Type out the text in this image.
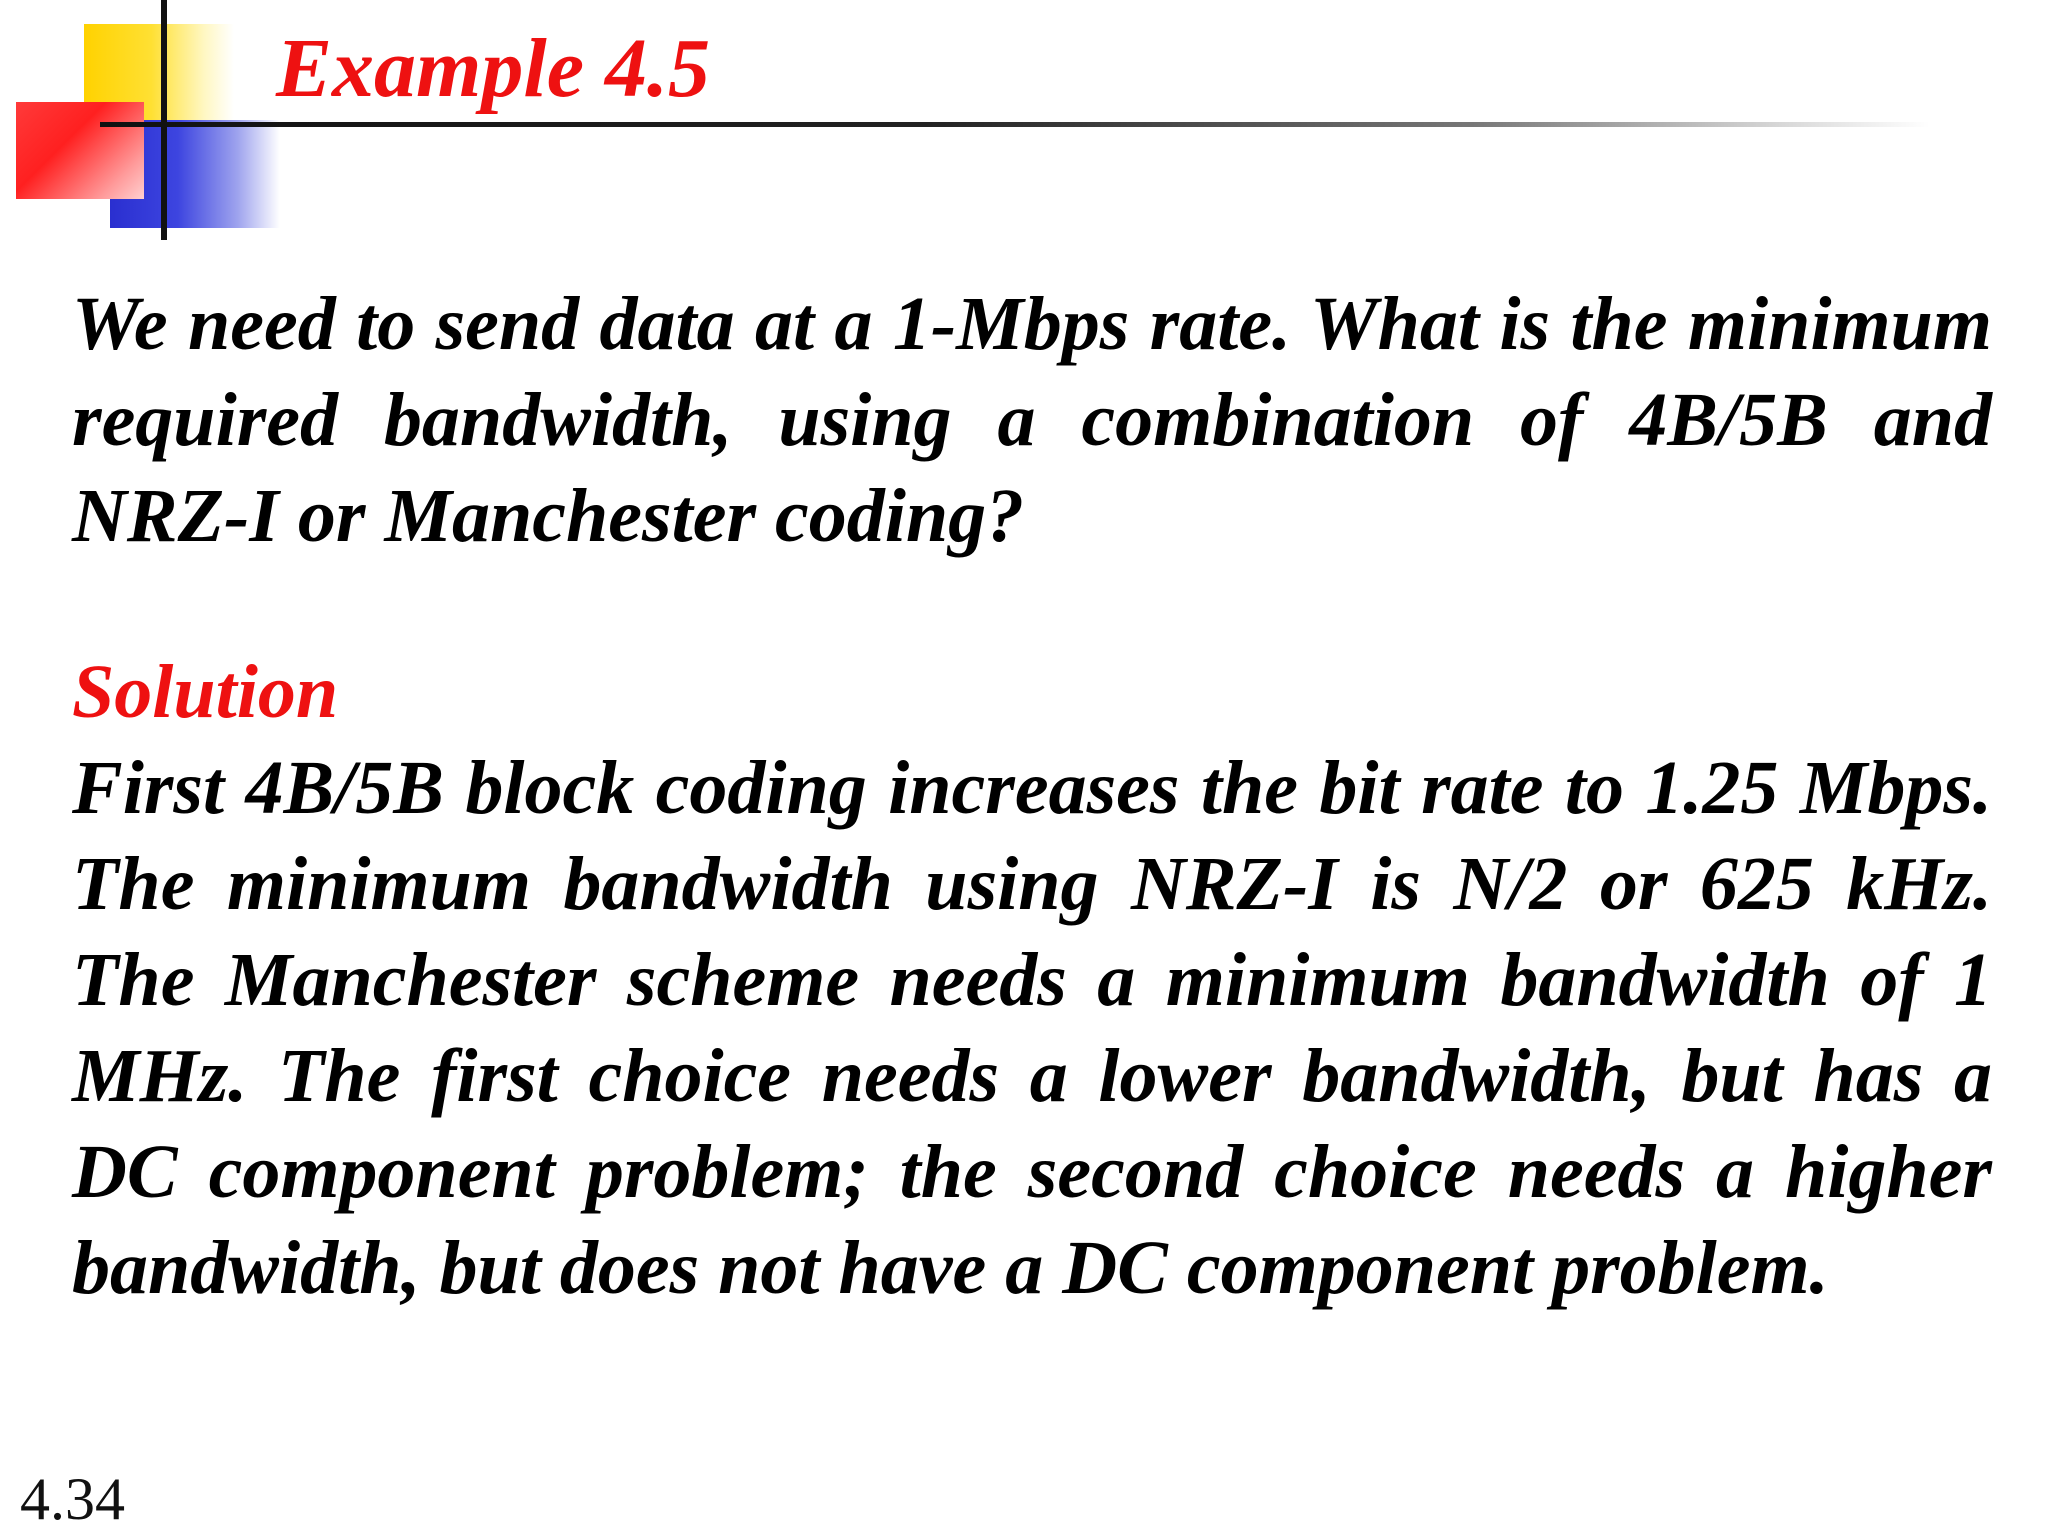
Example 4.5

We need to send data at a 1-Mbps rate. What is the minimum required bandwidth, using a combination of 4B/5B and NRZ-I or Manchester coding?

Solution

First 4B/5B block coding increases the bit rate to 1.25 Mbps. The minimum bandwidth using NRZ-I is N/2 or 625 kHz. The Manchester scheme needs a minimum bandwidth of 1 MHz. The first choice needs a lower bandwidth, but has a DC component problem; the second choice needs a higher bandwidth, but does not have a DC component problem.

4.34
